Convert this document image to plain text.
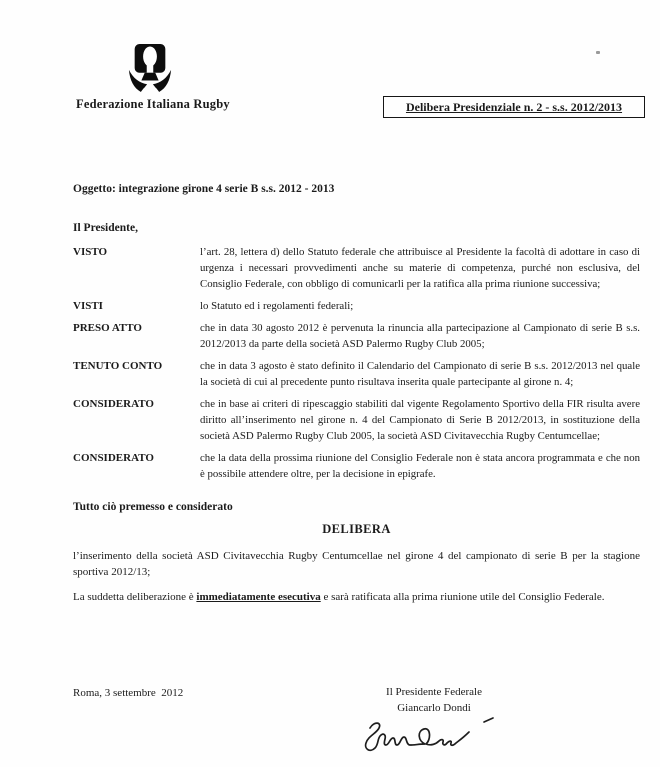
Federazione Italiana Rugby	Delibera Presidenziale n. 2 - s.s. 2012/2013

Oggetto: integrazione girone 4 serie B s.s. 2012 - 2013

Il Presidente,

VISTO	l’art. 28, lettera d) dello Statuto federale che attribuisce al Presidente la facoltà di adottare in caso di urgenza i necessari provvedimenti anche su materie di competenza, purché non esclusiva, del Consiglio Federale, con obbligo di comunicarli per la ratifica alla prima riunione successiva;
VISTI	lo Statuto ed i regolamenti federali;
PRESO ATTO	che in data 30 agosto 2012 è pervenuta la rinuncia alla partecipazione al Campionato di serie B s.s. 2012/2013 da parte della società ASD Palermo Rugby Club 2005;
TENUTO CONTO	che in data 3 agosto è stato definito il Calendario del Campionato di serie B s.s. 2012/2013 nel quale la società di cui al precedente punto risultava inserita quale partecipante al girone n. 4;
CONSIDERATO	che in base ai criteri di ripescaggio stabiliti dal vigente Regolamento Sportivo della FIR risulta avere diritto all’inserimento nel girone n. 4 del Campionato di Serie B 2012/2013, in sostituzione della società ASD Palermo Rugby Club 2005, la società ASD Civitavecchia Rugby Centumcellae;
CONSIDERATO	che la data della prossima riunione del Consiglio Federale non è stata ancora programmata e che non è possibile attendere oltre, per la decisione in epigrafe.

Tutto ciò premesso e considerato

DELIBERA

l’inserimento della società ASD Civitavecchia Rugby Centumcellae nel girone 4 del campionato di serie B per la stagione sportiva 2012/13;

La suddetta deliberazione è immediatamente esecutiva e sarà ratificata alla prima riunione utile del Consiglio Federale.

Roma, 3 settembre  2012	Il Presidente Federale
Giancarlo Dondi
